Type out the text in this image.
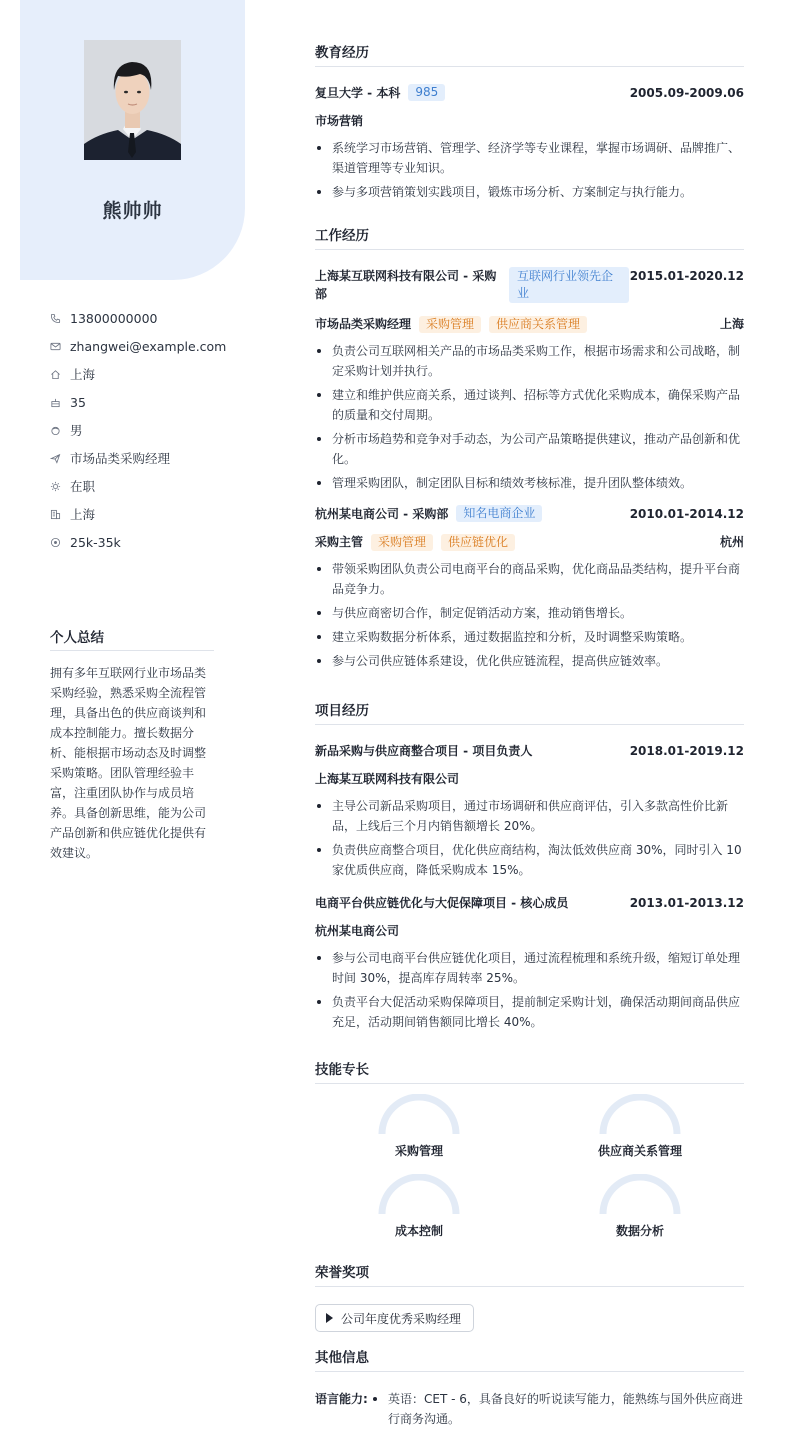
熊帅帅
13800000000
zhangwei@example.com
上海
35
男
市场品类采购经理
在职
上海
25k-35k
个人总结

拥有多年互联网行业市场品类采购经验，熟悉采购全流程管理，具备出色的供应商谈判和成本控制能力。擅长数据分析、能根据市场动态及时调整采购策略。团队管理经验丰富，注重团队协作与成员培养。具备创新思维，能为公司产品创新和供应链优化提供有效建议。

教育经历
复旦大学 - 本科	985	2005.09-2009.06
市场营销
系统学习市场营销、管理学、经济学等专业课程，掌握市场调研、品牌推广、渠道管理等专业知识。
参与多项营销策划实践项目，锻炼市场分析、方案制定与执行能力。
工作经历
上海某互联网科技有限公司 - 采购部
互联网行业领先企业
2015.01-2020.12
市场品类采购经理	采购管理	供应商关系管理	上海
负责公司互联网相关产品的市场品类采购工作，根据市场需求和公司战略，制定采购计划并执行。
建立和维护供应商关系，通过谈判、招标等方式优化采购成本，确保采购产品的质量和交付周期。
分析市场趋势和竞争对手动态，为公司产品策略提供建议，推动产品创新和优化。
管理采购团队，制定团队目标和绩效考核标准，提升团队整体绩效。
杭州某电商公司 - 采购部	知名电商企业	2010.01-2014.12
采购主管	采购管理	供应链优化	杭州
带领采购团队负责公司电商平台的商品采购，优化商品品类结构，提升平台商品竞争力。
与供应商密切合作，制定促销活动方案，推动销售增长。
建立采购数据分析体系，通过数据监控和分析，及时调整采购策略。
参与公司供应链体系建设，优化供应链流程，提高供应链效率。
项目经历
新品采购与供应商整合项目 - 项目负责人	2018.01-2019.12
上海某互联网科技有限公司
主导公司新品采购项目，通过市场调研和供应商评估，引入多款高性价比新品，上线后三个月内销售额增长 20%。
负责供应商整合项目，优化供应商结构，淘汰低效供应商 30%，同时引入 10 家优质供应商，降低采购成本 15%。
电商平台供应链优化与大促保障项目 - 核心成员	2013.01-2013.12
杭州某电商公司
参与公司电商平台供应链优化项目，通过流程梳理和系统升级，缩短订单处理时间 30%，提高库存周转率 25%。
负责平台大促活动采购保障项目，提前制定采购计划，确保活动期间商品供应充足，活动期间销售额同比增长 40%。
技能专长
采购管理	供应商关系管理
成本控制	数据分析
荣誉奖项
公司年度优秀采购经理
其他信息
语言能力:	英语：CET - 6，具备良好的听说读写能力，能熟练与国外供应商进行商务沟通。
